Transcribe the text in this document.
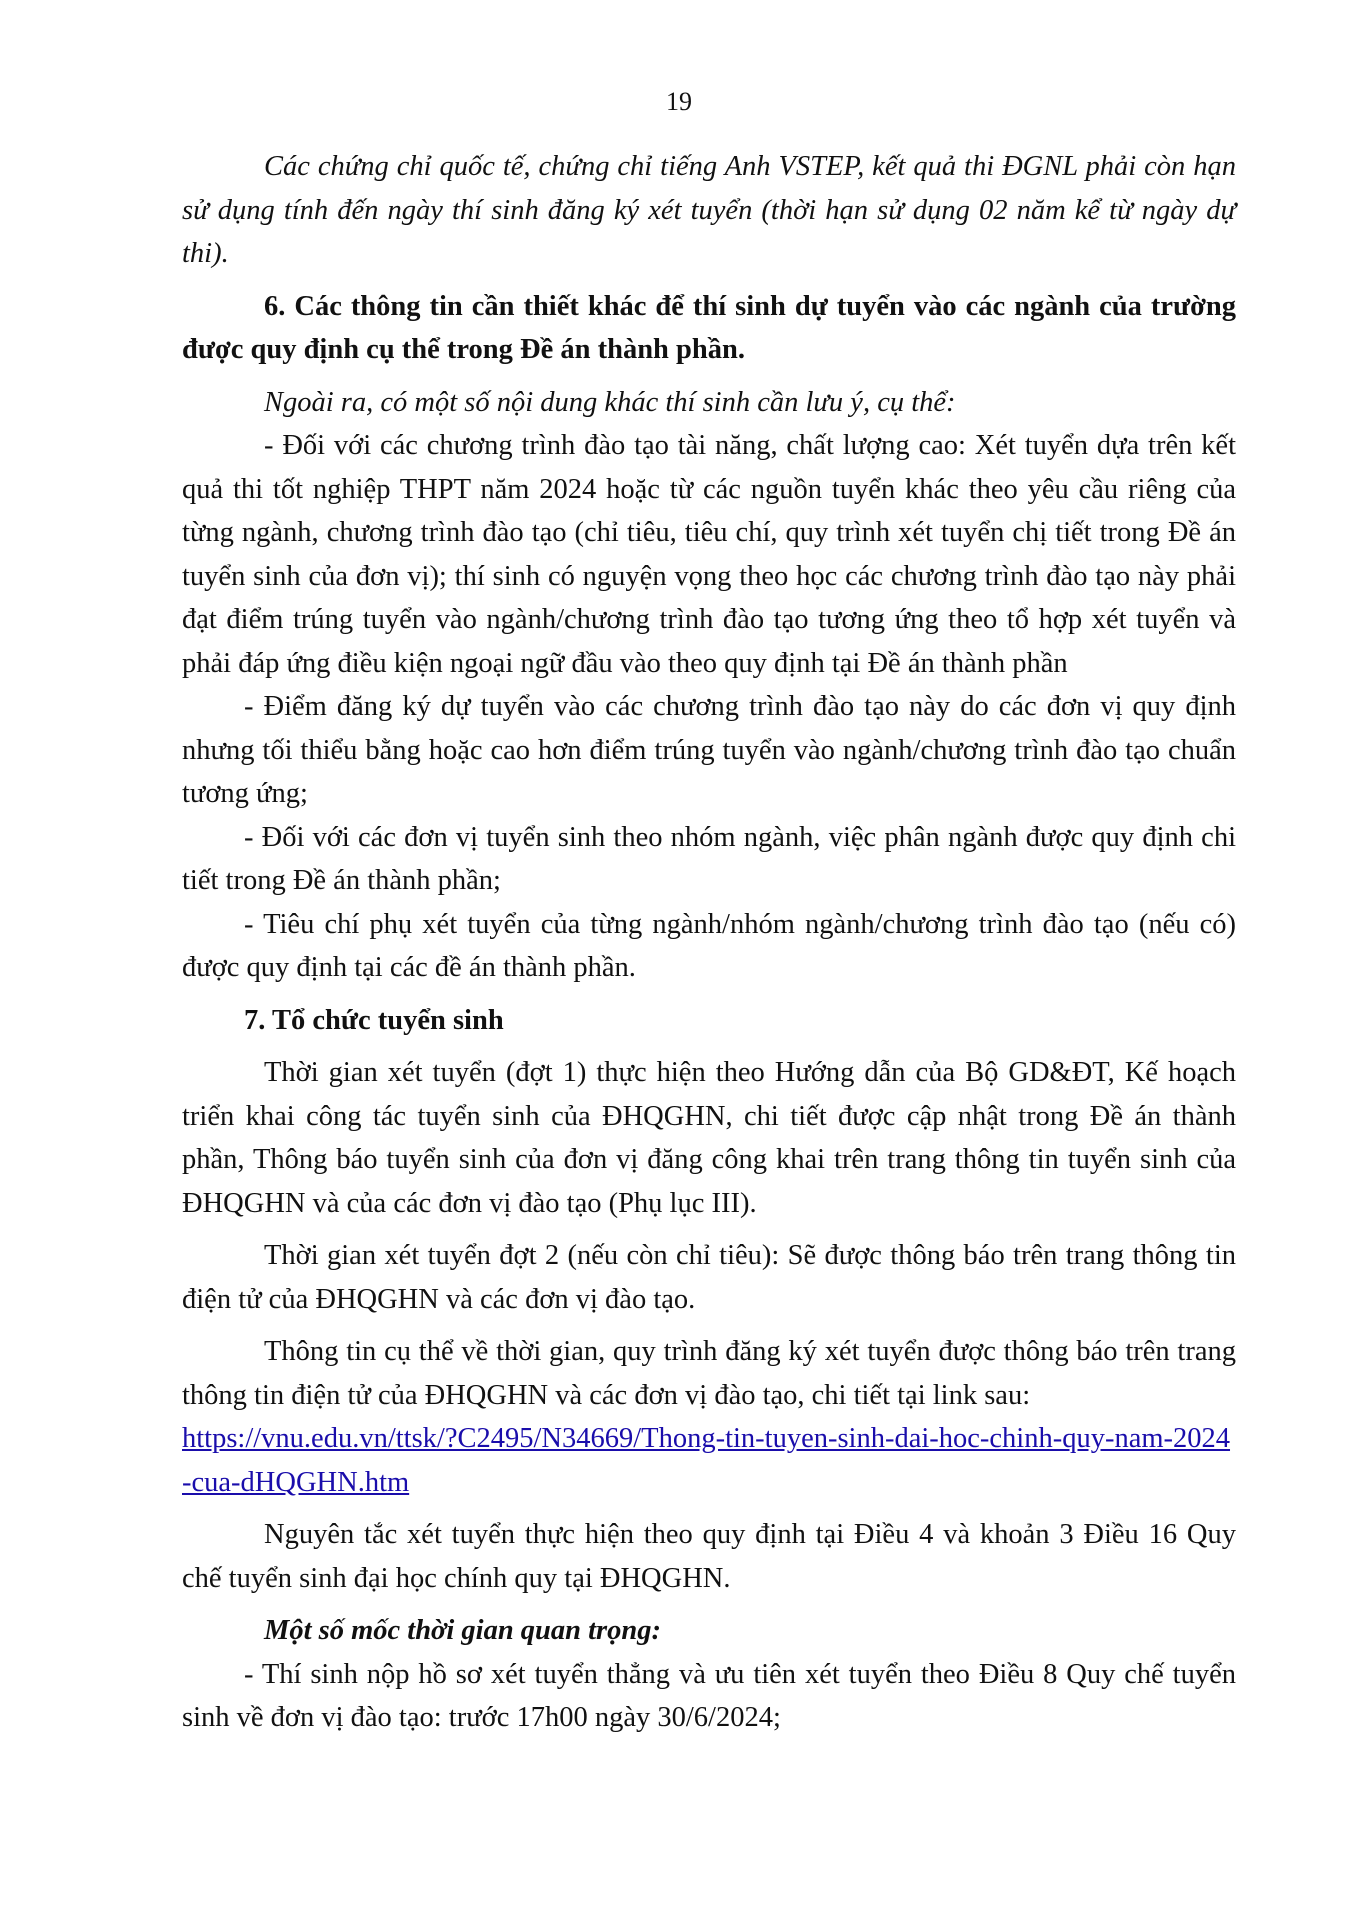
19

Các chứng chỉ quốc tế, chứng chỉ tiếng Anh VSTEP, kết quả thi ĐGNL phải còn hạn sử dụng tính đến ngày thí sinh đăng ký xét tuyển (thời hạn sử dụng 02 năm kể từ ngày dự thi).

6. Các thông tin cần thiết khác để thí sinh dự tuyển vào các ngành của trường được quy định cụ thể trong Đề án thành phần.

Ngoài ra, có một số nội dung khác thí sinh cần lưu ý, cụ thể:

- Đối với các chương trình đào tạo tài năng, chất lượng cao: Xét tuyển dựa trên kết quả thi tốt nghiệp THPT năm 2024 hoặc từ các nguồn tuyển khác theo yêu cầu riêng của từng ngành, chương trình đào tạo (chỉ tiêu, tiêu chí, quy trình xét tuyển chị tiết trong Đề án tuyển sinh của đơn vị); thí sinh có nguyện vọng theo học các chương trình đào tạo này phải đạt điểm trúng tuyển vào ngành/chương trình đào tạo tương ứng theo tổ hợp xét tuyển và phải đáp ứng điều kiện ngoại ngữ đầu vào theo quy định tại Đề án thành phần

- Điểm đăng ký dự tuyển vào các chương trình đào tạo này do các đơn vị quy định nhưng tối thiểu bằng hoặc cao hơn điểm trúng tuyển vào ngành/chương trình đào tạo chuẩn tương ứng;

- Đối với các đơn vị tuyển sinh theo nhóm ngành, việc phân ngành được quy định chi tiết trong Đề án thành phần;

- Tiêu chí phụ xét tuyển của từng ngành/nhóm ngành/chương trình đào tạo (nếu có) được quy định tại các đề án thành phần.

7. Tổ chức tuyển sinh

Thời gian xét tuyển (đợt 1) thực hiện theo Hướng dẫn của Bộ GD&ĐT, Kế hoạch triển khai công tác tuyển sinh của ĐHQGHN, chi tiết được cập nhật trong Đề án thành phần, Thông báo tuyển sinh của đơn vị đăng công khai trên trang thông tin tuyển sinh của ĐHQGHN và của các đơn vị đào tạo (Phụ lục III).

Thời gian xét tuyển đợt 2 (nếu còn chỉ tiêu): Sẽ được thông báo trên trang thông tin điện tử của ĐHQGHN và các đơn vị đào tạo.

Thông tin cụ thể về thời gian, quy trình đăng ký xét tuyển được thông báo trên trang thông tin điện tử của ĐHQGHN và các đơn vị đào tạo, chi tiết tại link sau:

https://vnu.edu.vn/ttsk/?C2495/N34669/Thong-tin-tuyen-sinh-dai-hoc-chinh-quy-nam-2024-cua-dHQGHN.htm

Nguyên tắc xét tuyển thực hiện theo quy định tại Điều 4 và khoản 3 Điều 16 Quy chế tuyển sinh đại học chính quy tại ĐHQGHN.

Một số mốc thời gian quan trọng:

- Thí sinh nộp hồ sơ xét tuyển thẳng và ưu tiên xét tuyển theo Điều 8 Quy chế tuyển sinh về đơn vị đào tạo: trước 17h00 ngày 30/6/2024;
